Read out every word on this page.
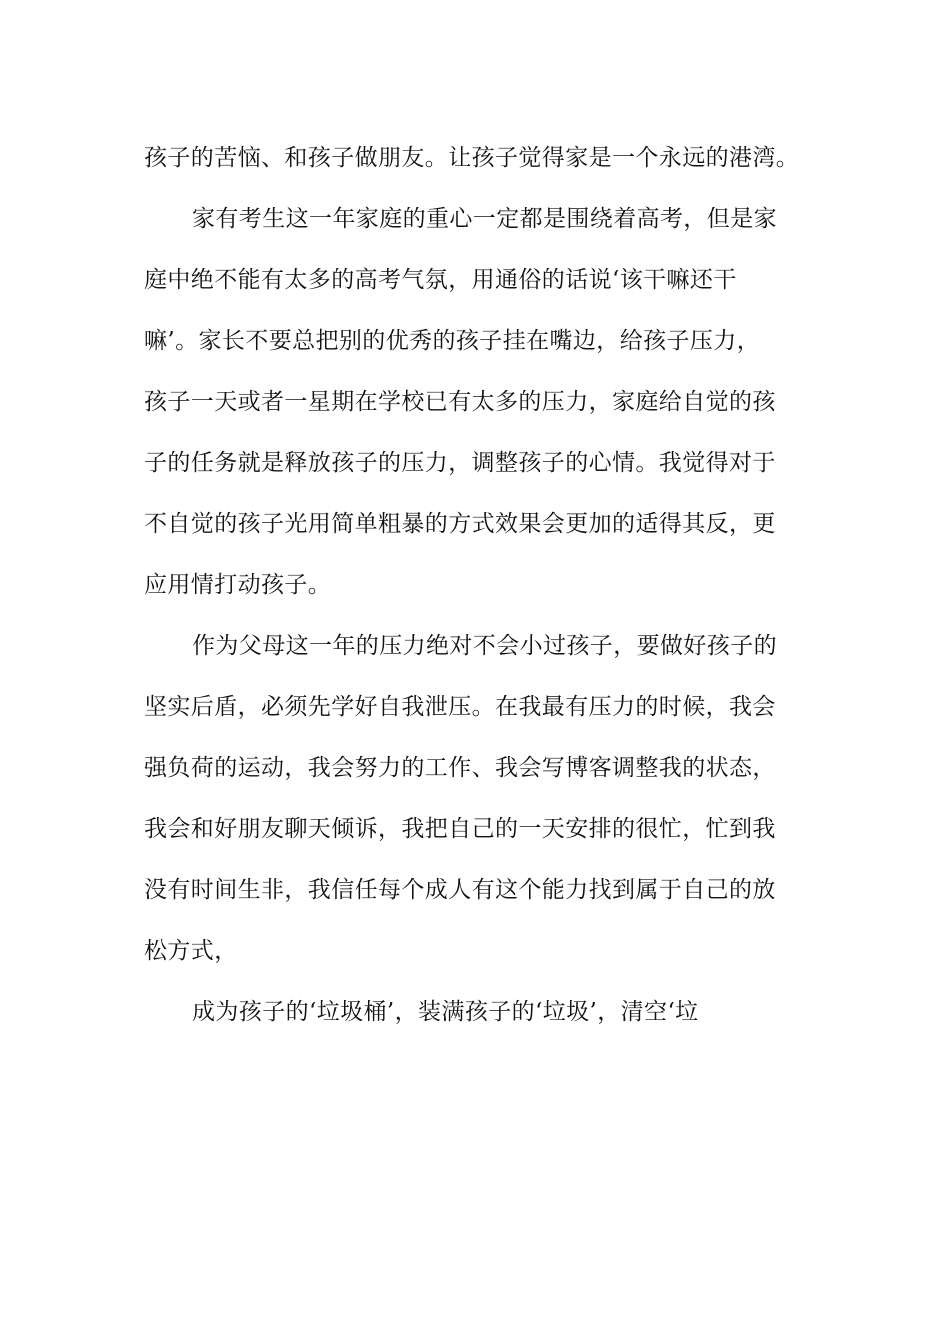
孩子的苦恼、和孩子做朋友。让孩子觉得家是一个永远的港湾。
家有考生这一年家庭的重心一定都是围绕着高考，但是家
庭中绝不能有太多的高考气氛，用通俗的话说‘该干嘛还干
嘛’。家长不要总把别的优秀的孩子挂在嘴边，给孩子压力，
孩子一天或者一星期在学校已有太多的压力，家庭给自觉的孩
子的任务就是释放孩子的压力，调整孩子的心情。我觉得对于
不自觉的孩子光用简单粗暴的方式效果会更加的适得其反，更
应用情打动孩子。
作为父母这一年的压力绝对不会小过孩子，要做好孩子的
坚实后盾，必须先学好自我泄压。在我最有压力的时候，我会
强负荷的运动，我会努力的工作、我会写博客调整我的状态，
我会和好朋友聊天倾诉，我把自己的一天安排的很忙，忙到我
没有时间生非，我信任每个成人有这个能力找到属于自己的放
松方式，
成为孩子的‘垃圾桶’，装满孩子的‘垃圾’，清空‘垃
